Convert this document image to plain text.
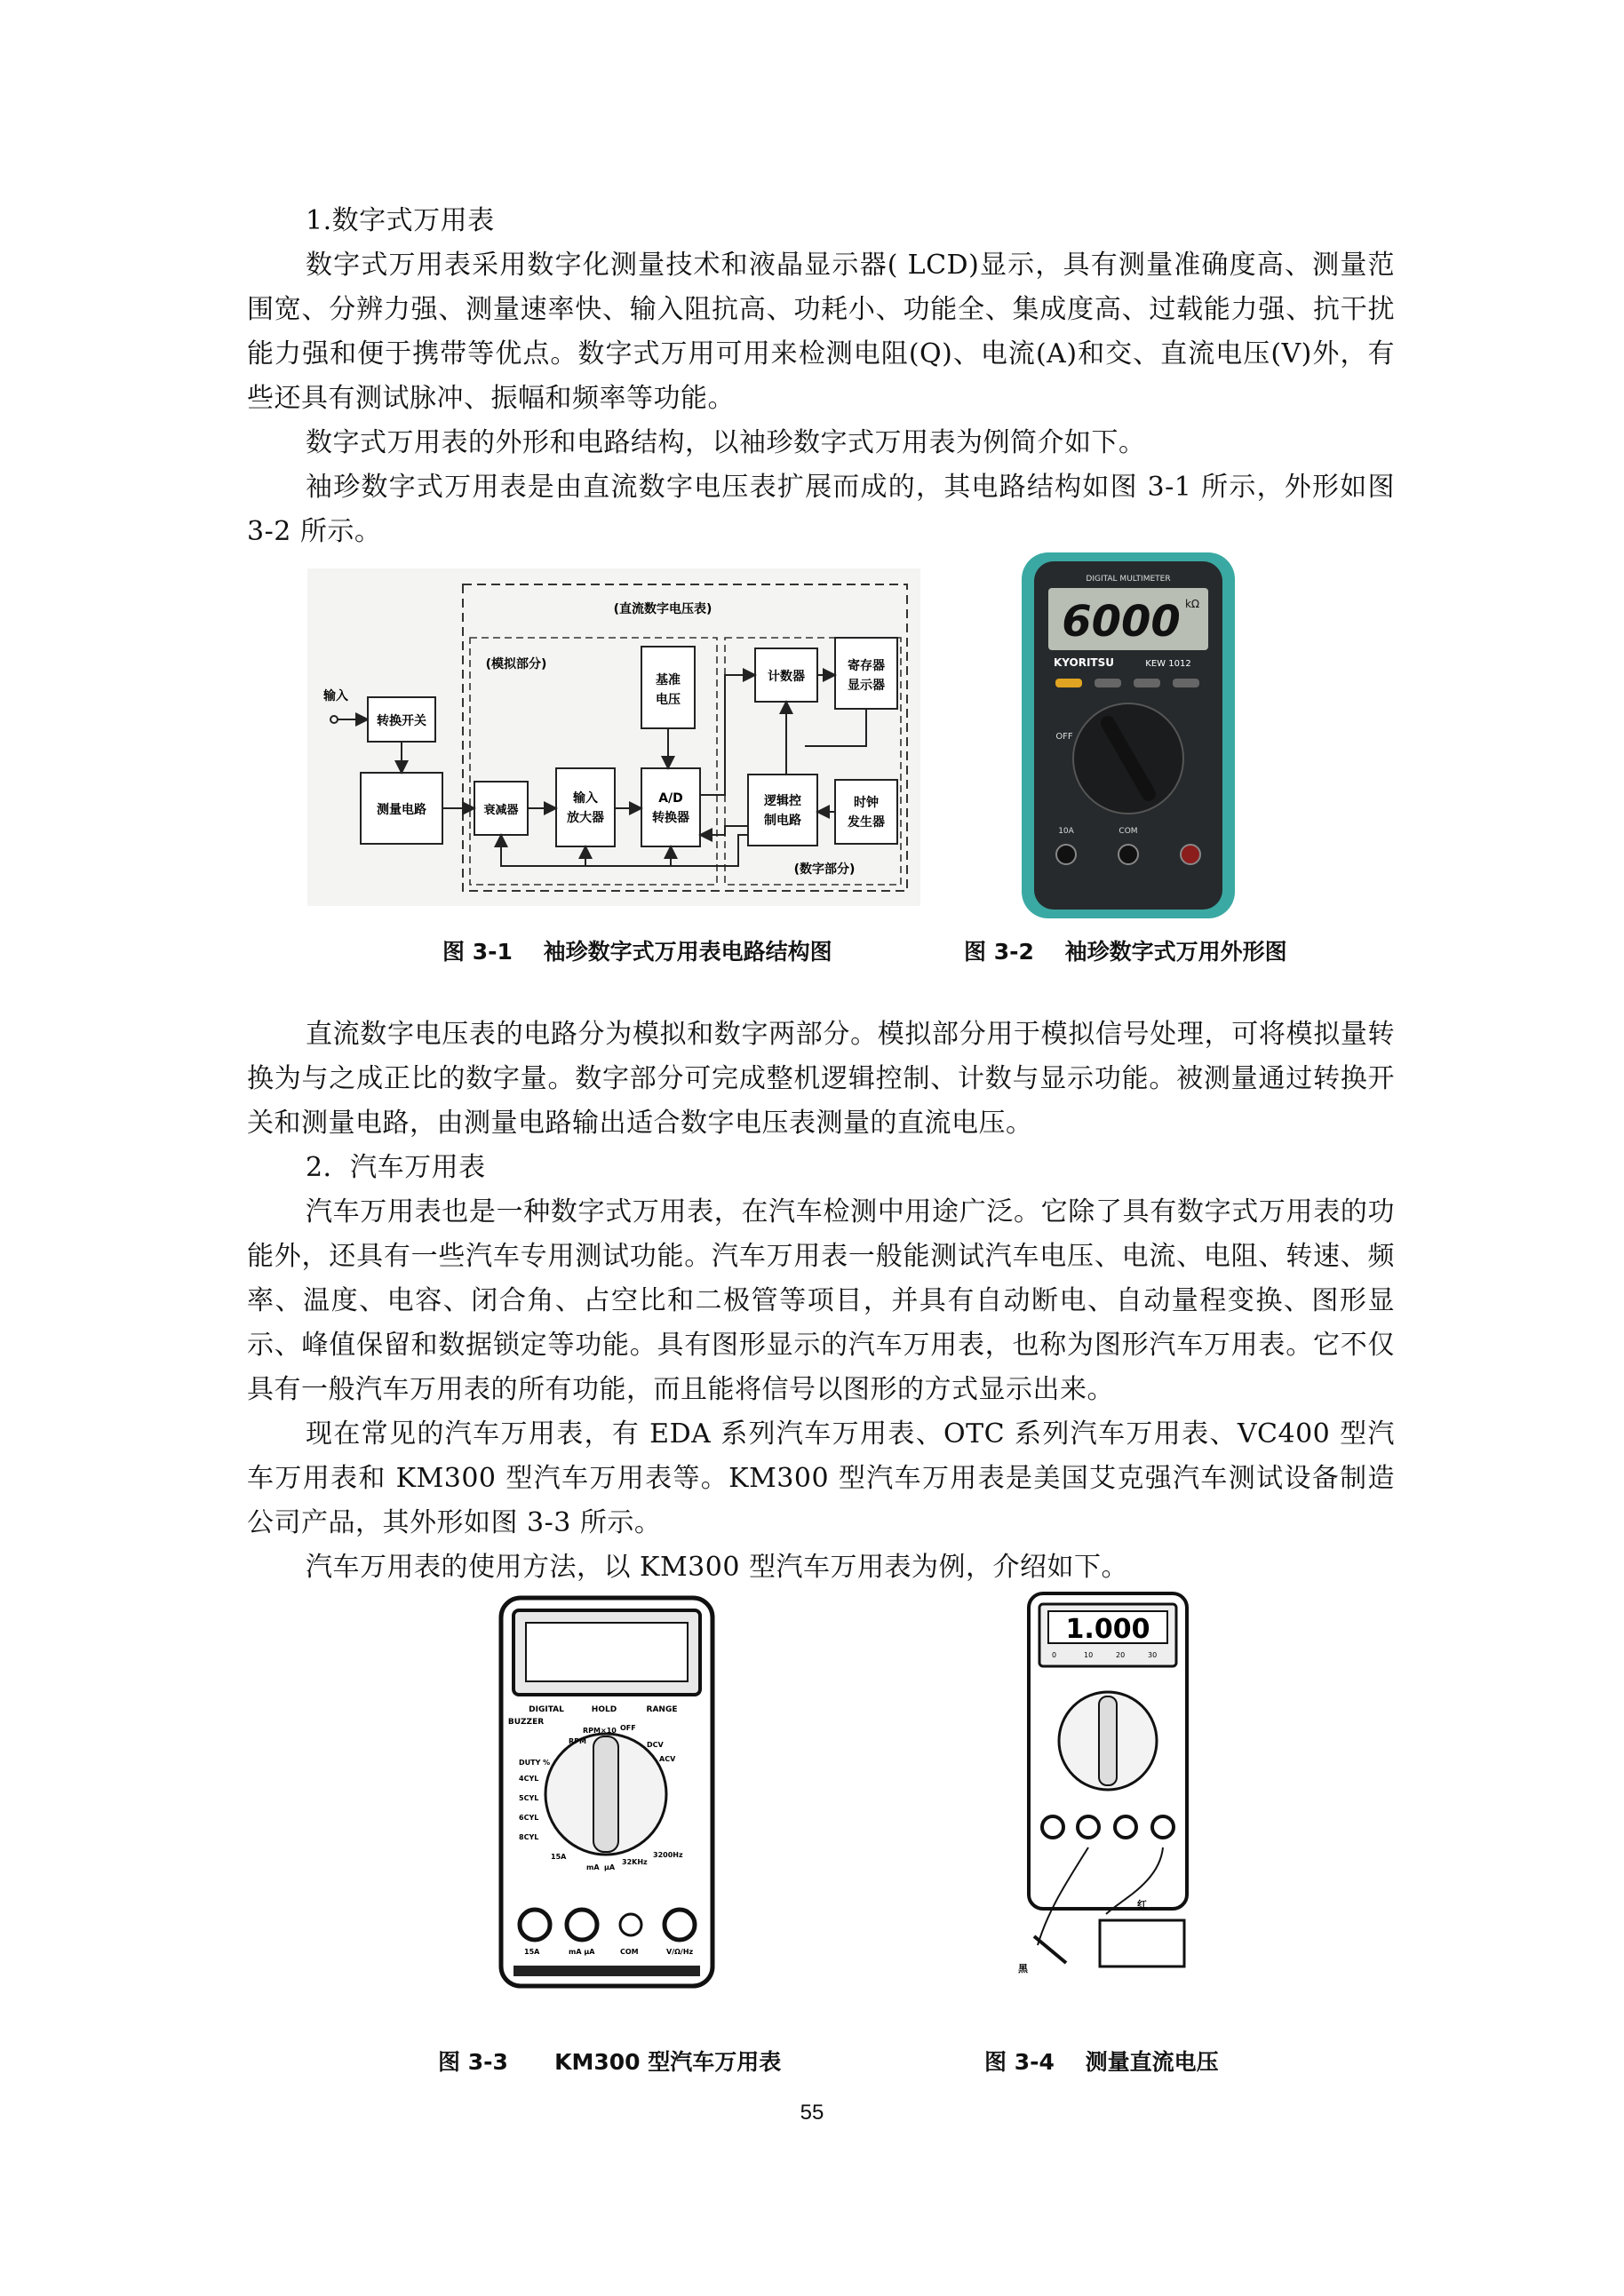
1.数字式万用表

数字式万用表采用数字化测量技术和液晶显示器( LCD)显示，具有测量准确度高、测量范围宽、分辨力强、测量速率快、输入阻抗高、功耗小、功能全、集成度高、过载能力强、抗干扰能力强和便于携带等优点。数字式万用可用来检测电阻(Q)、电流(A)和交、直流电压(V)外，有些还具有测试脉冲、振幅和频率等功能。

数字式万用表的外形和电路结构，以袖珍数字式万用表为例简介如下。

袖珍数字式万用表是由直流数字电压表扩展而成的，其电路结构如图 3-1 所示，外形如图 3-2 所示。

(直流数字电压表)
(模拟部分)
(数字部分)
输入
转换开关
测量电路	衰减器
输入
放大器
基准
电压
A/D
转换器
计数器
寄存器
显示器
逻辑控
制电路
时钟
发生器
DIGITAL MULTIMETER
6000 kΩ
KYORITSU	KEW 1012
OFF
10A	COM
图 3-1    袖珍数字式万用表电路结构图	图 3-2    袖珍数字式万用外形图

直流数字电压表的电路分为模拟和数字两部分。模拟部分用于模拟信号处理，可将模拟量转换为与之成正比的数字量。数字部分可完成整机逻辑控制、计数与显示功能。被测量通过转换开关和测量电路，由测量电路输出适合数字电压表测量的直流电压。

2．汽车万用表

汽车万用表也是一种数字式万用表，在汽车检测中用途广泛。它除了具有数字式万用表的功能外，还具有一些汽车专用测试功能。汽车万用表一般能测试汽车电压、电流、电阻、转速、频率、温度、电容、闭合角、占空比和二极管等项目，并具有自动断电、自动量程变换、图形显示、峰值保留和数据锁定等功能。具有图形显示的汽车万用表，也称为图形汽车万用表。它不仅具有一般汽车万用表的所有功能，而且能将信号以图形的方式显示出来。

现在常见的汽车万用表，有 EDA 系列汽车万用表、OTC 系列汽车万用表、VC400 型汽车万用表和 KM300 型汽车万用表等。KM300 型汽车万用表是美国艾克强汽车测试设备制造公司产品，其外形如图 3-3 所示。

汽车万用表的使用方法，以 KM300 型汽车万用表为例，介绍如下。

DIGITAL	HOLD	RANGE
BUZZER
RPM×10
RPM
OFF
DCV
ACV
DUTY %
4CYL
5CYL
6CYL
8CYL
15A
mA μA
32KHz
3200Hz
15A	mA μA	COM	V/Ω/Hz
1.000
0	10	20	30
红
黑
图 3-3      KM300 型汽车万用表	图 3-4    测量直流电压
55
